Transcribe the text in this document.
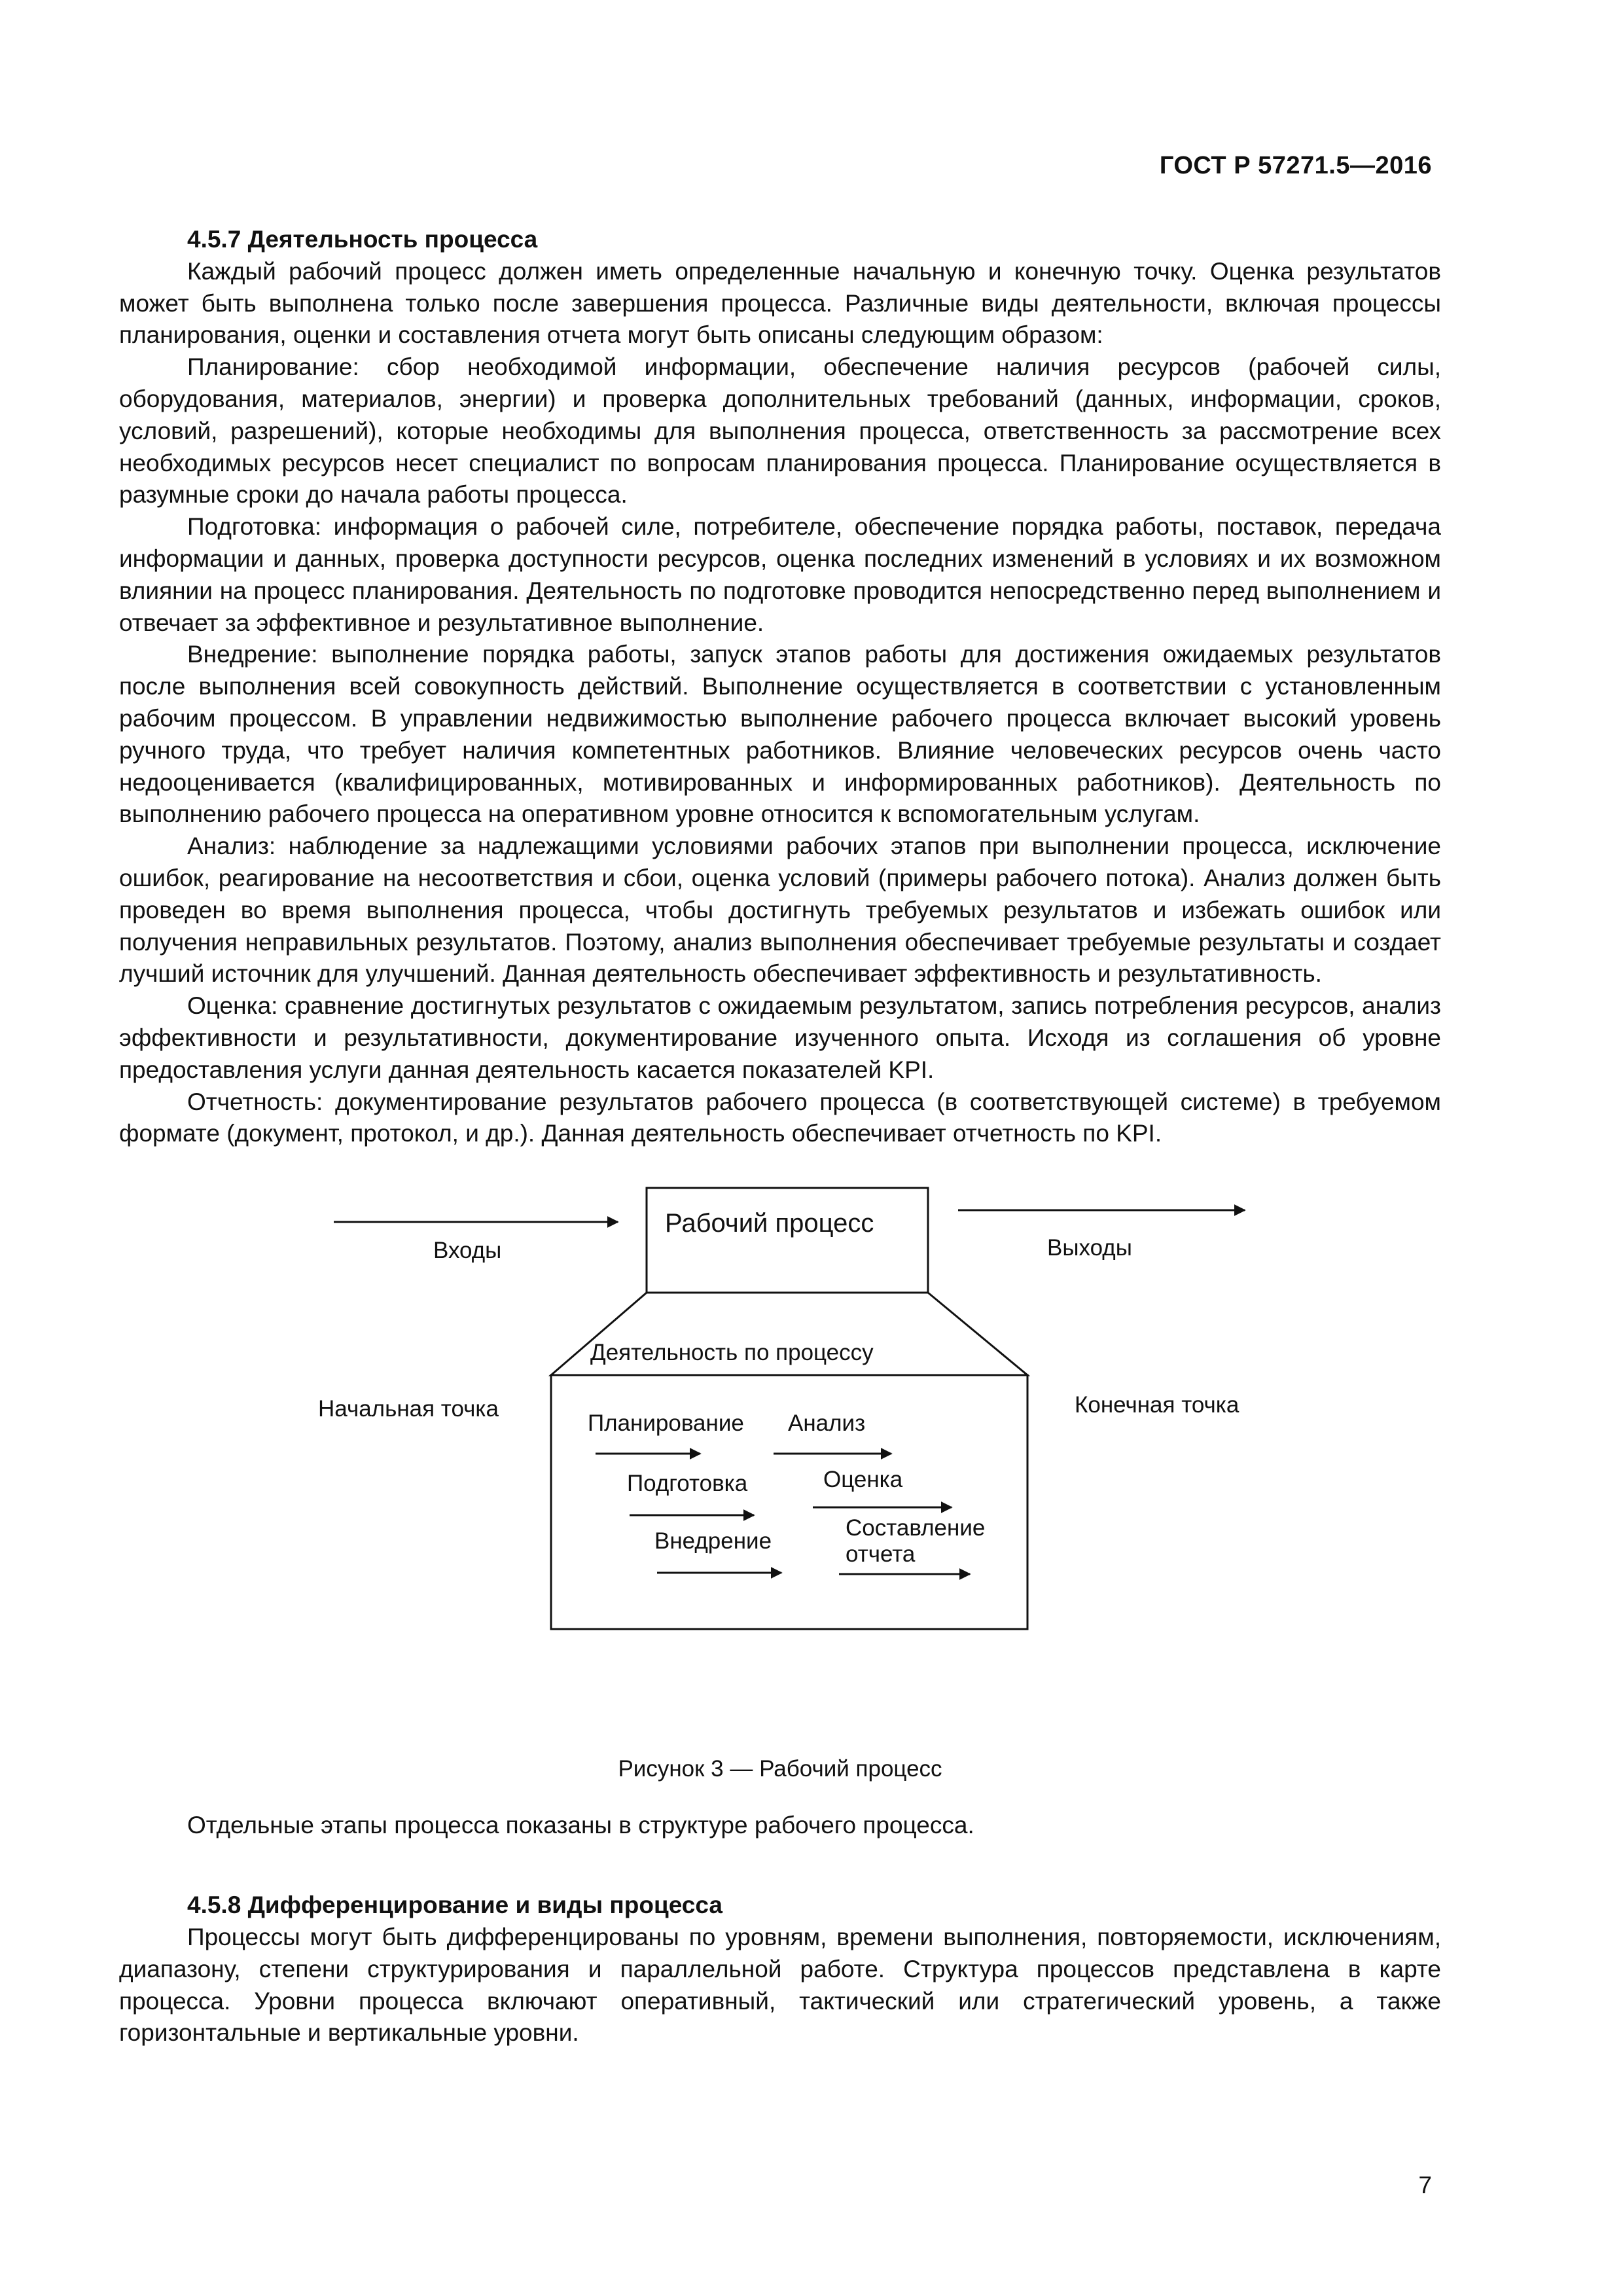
ГОСТ Р 57271.5—2016

4.5.7 Деятельность процесса

Каждый рабочий процесс должен иметь определенные начальную и конечную точку. Оценка результатов может быть выполнена только после завершения процесса. Различные виды деятельности, включая процессы планирования, оценки и составления отчета могут быть описаны следующим образом:

Планирование: сбор необходимой информации, обеспечение наличия ресурсов (рабочей силы, оборудования, материалов, энергии) и проверка дополнительных требований (данных, информации, сроков, условий, разрешений), которые необходимы для выполнения процесса, ответственность за рассмотрение всех необходимых ресурсов несет специалист по вопросам планирования процесса. Планирование осуществляется в разумные сроки до начала работы процесса.

Подготовка: информация о рабочей силе, потребителе, обеспечение порядка работы, поставок, передача информации и данных, проверка доступности ресурсов, оценка последних изменений в условиях и их возможном влиянии на процесс планирования. Деятельность по подготовке проводится непосредственно перед выполнением и отвечает за эффективное и результативное выполнение.

Внедрение: выполнение порядка работы, запуск этапов работы для достижения ожидаемых результатов после выполнения всей совокупность действий. Выполнение осуществляется в соответствии с установленным рабочим процессом. В управлении недвижимостью выполнение рабочего процесса включает высокий уровень ручного труда, что требует наличия компетентных работников. Влияние человеческих ресурсов очень часто недооценивается (квалифицированных, мотивированных и информированных работников). Деятельность по выполнению рабочего процесса на оперативном уровне относится к вспомогательным услугам.

Анализ: наблюдение за надлежащими условиями рабочих этапов при выполнении процесса, исключение ошибок, реагирование на несоответствия и сбои, оценка условий (примеры рабочего потока). Анализ должен быть проведен во время выполнения процесса, чтобы достигнуть требуемых результатов и избежать ошибок или получения неправильных результатов. Поэтому, анализ выполнения обеспечивает требуемые результаты и создает лучший источник для улучшений. Данная деятельность обеспечивает эффективность и результативность.

Оценка: сравнение достигнутых результатов с ожидаемым результатом, запись потребления ресурсов, анализ эффективности и результативности, документирование изученного опыта. Исходя из соглашения об уровне предоставления услуги данная деятельность касается показателей KPI.

Отчетность: документирование результатов рабочего процесса (в соответствующей системе) в требуемом формате (документ, протокол, и др.). Данная деятельность обеспечивает отчетность по KPI.

Входы
Рабочий процесс
Выходы
Деятельность по процессу
Начальная точка	Конечная точка
Планирование Анализ
Подготовка	Оценка
Внедрение
Составление
отчета
Рисунок 3 — Рабочий процесс

Отдельные этапы процесса показаны в структуре рабочего процесса.

4.5.8 Дифференцирование и виды процесса

Процессы могут быть дифференцированы по уровням, времени выполнения, повторяемости, исключениям, диапазону, степени структурирования и параллельной работе. Структура процессов представлена в карте процесса. Уровни процесса включают оперативный, тактический или стратегический уровень, а также горизонтальные и вертикальные уровни.

7
